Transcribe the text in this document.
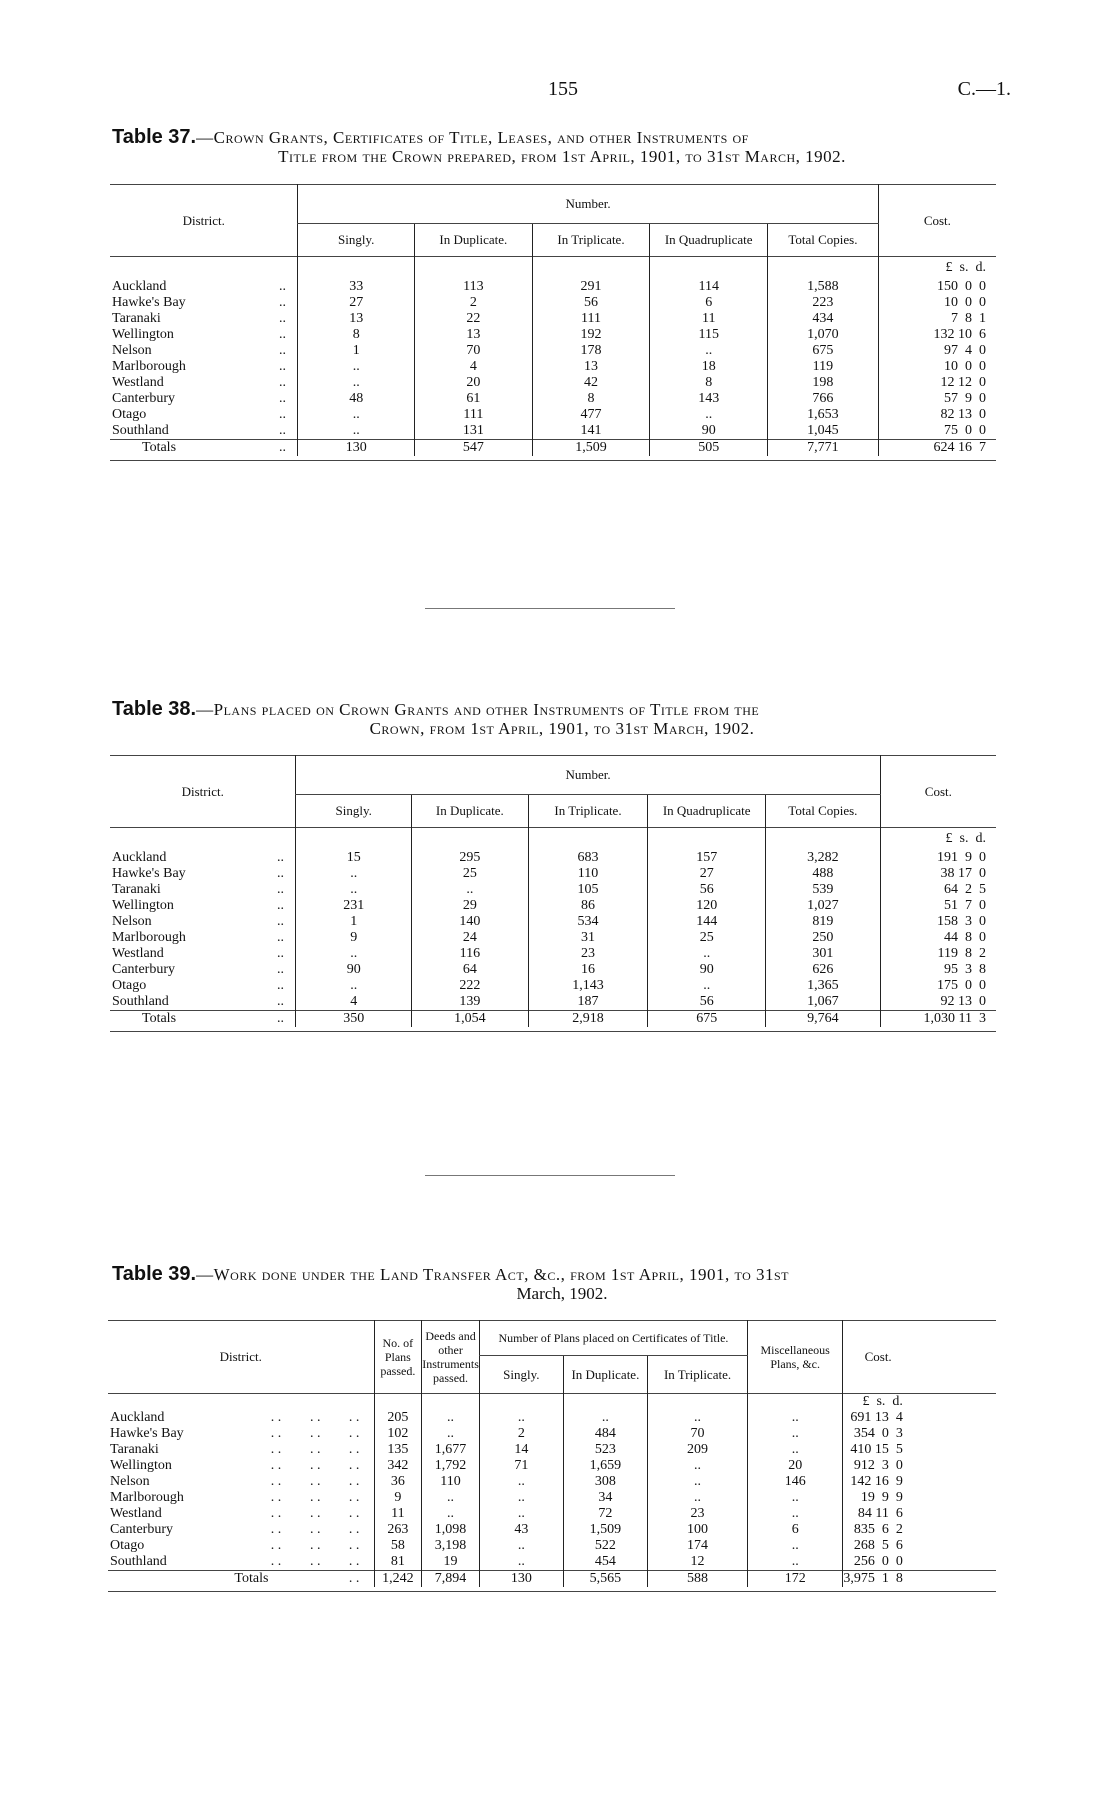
155	C.—1.
Table 37.—Crown Grants, Certificates of Title, Leases, and other Instruments of
Title from the Crown prepared, from 1st April, 1901, to 31st March, 1902.
District.		Number.					Cost.
		Singly.	In Duplicate.	In Triplicate.	In Quadruplicate	Total Copies.	
							£  s.  d.
Auckland	..	33	113	291	114	1,588	150  0  0
Hawke's Bay	..	27	2	56	6	223	10  0  0
Taranaki	..	13	22	111	11	434	7  8  1
Wellington	..	8	13	192	115	1,070	132 10  6
Nelson	..	1	70	178	..	675	97  4  0
Marlborough	..	..	4	13	18	119	10  0  0
Westland	..	..	20	42	8	198	12 12  0
Canterbury	..	48	61	8	143	766	57  9  0
Otago	..	..	111	477	..	1,653	82 13  0
Southland	..	..	131	141	90	1,045	75  0  0
Totals	..	130	547	1,509	505	7,771	624 16  7

Table 38.—Plans placed on Crown Grants and other Instruments of Title from the
Crown, from 1st April, 1901, to 31st March, 1902.
District.		Number.					Cost.
		Singly.	In Duplicate.	In Triplicate.	In Quadruplicate	Total Copies.	
							£  s.  d.
Auckland	..	15	295	683	157	3,282	191  9  0
Hawke's Bay	..	..	25	110	27	488	38 17  0
Taranaki	..	..	..	105	56	539	64  2  5
Wellington	..	231	29	86	120	1,027	51  7  0
Nelson	..	1	140	534	144	819	158  3  0
Marlborough	..	9	24	31	25	250	44  8  0
Westland	..	..	116	23	..	301	119  8  2
Canterbury	..	90	64	16	90	626	95  3  8
Otago	..	..	222	1,143	..	1,365	175  0  0
Southland	..	4	139	187	56	1,067	92 13  0
Totals	..	350	1,054	2,918	675	9,764	1,030 11  3

Table 39.—Work done under the Land Transfer Act, &c., from 1st April, 1901, to 31st
March, 1902.
District.				No. of Plans passed.	Deeds and other Instruments passed.	Number of Plans placed on Certificates of Title.			Miscellaneous Plans, &c.	Cost.
						Singly.	In Duplicate.	In Triplicate.		
										£  s.  d.
Auckland	. .	. .	. .	205	..	..	..	..	..	691 13  4
Hawke's Bay	. .	. .	. .	102	..	2	484	70	..	354  0  3
Taranaki	. .	. .	. .	135	1,677	14	523	209	..	410 15  5
Wellington	. .	. .	. .	342	1,792	71	1,659	..	20	912  3  0
Nelson	. .	. .	. .	36	110	..	308	..	146	142 16  9
Marlborough	. .	. .	. .	9	..	..	34	..	..	19  9  9
Westland	. .	. .	. .	11	..	..	72	23	..	84 11  6
Canterbury	. .	. .	. .	263	1,098	43	1,509	100	6	835  6  2
Otago	. .	. .	. .	58	3,198	..	522	174	..	268  5  6
Southland	. .	. .	. .	81	19	..	454	12	..	256  0  0
Totals			. .	1,242	7,894	130	5,565	588	172	3,975  1  8
